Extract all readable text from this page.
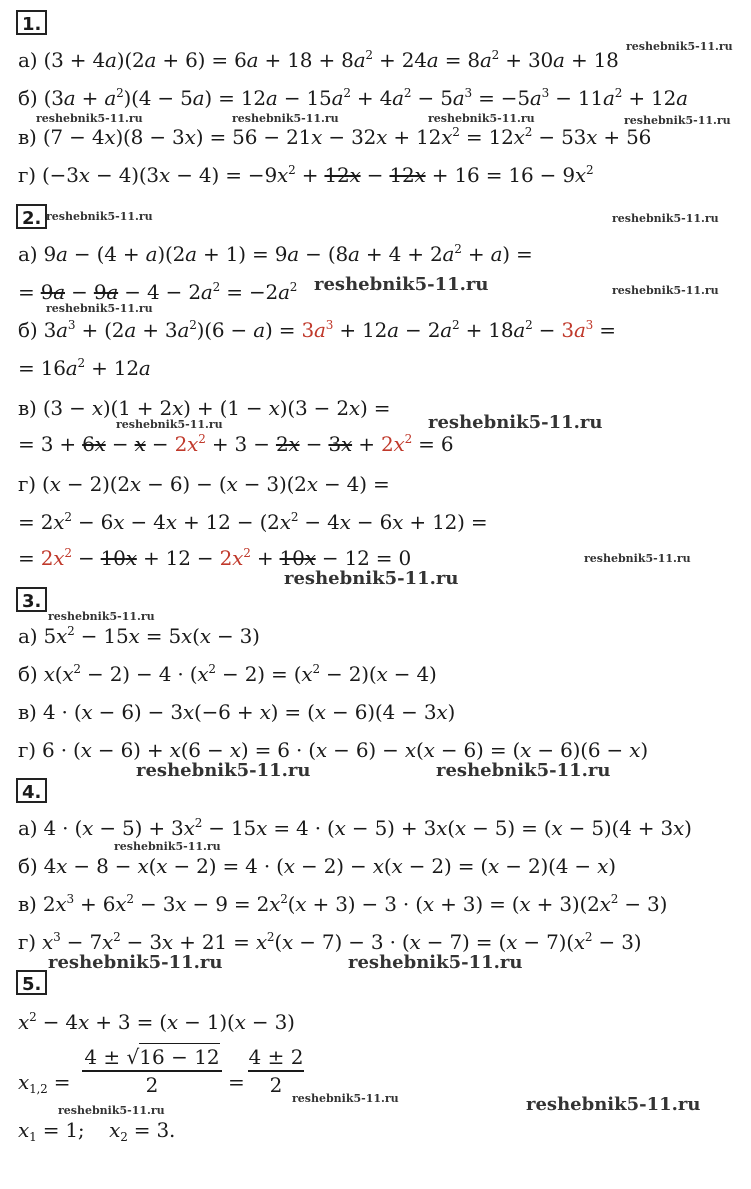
1.
reshebnik5-11.ru
а) $(3 + 4a)(2a + 6) = 6a + 18 + 8a^2 + 24a = 8a^2 + 30a + 18$
б) $(3a + a^2)(4 - 5a) = 12a - 15a^2 + 4a^2 - 5a^3 = -5a^3 - 11a^2 + 12a$
reshebnik5-11.ru	reshebnik5-11.ru	reshebnik5-11.ru	reshebnik5-11.ru
в) $(7 - 4x)(8 - 3x) = 56 - 21x - 32x + 12x^2 = 12x^2 - 53x + 56$
г) $(-3x - 4)(3x - 4) = -9x^2 + 12x - 12x + 16 = 16 - 9x^2$
2. reshebnik5-11.ru	reshebnik5-11.ru
а) $9a - (4 + a)(2a + 1) = 9a - (8a + 4 + 2a^2 + a)$ =
= $9a - 9a - 4 - 2a^2 = -2a^2$ reshebnik5-11.ru	reshebnik5-11.ru
reshebnik5-11.ru
б) $3a^3 + (2a + 3a^2)(6 - a) = 3a^3 + 12a - 2a^2 + 18a^2 - 3a^3$ =
= $16a^2 + 12a$
в) (3 − x)(1 + 2x) + (1 − x)(3 − 2x) =
reshebnik5-11.ru
reshebnik5-11.ru
= $3 + 6x - x - 2x^2 + 3 - 2x - 3x + 2x^2 = 6$
г) (x − 2)(2x − 6) − (x − 3)(2x − 4) =
= $2x^2 - 6x - 4x + 12 - (2x^2 - 4x - 6x + 12)$ =
= $2x^2 - 10x + 12 - 2x^2 + 10x - 12 = 0$	reshebnik5-11.ru
reshebnik5-11.ru
3.
reshebnik5-11.ru
а) $5x^2 - 15x = 5x(x - 3)$
б) $x(x^2 - 2) - 4 \cdot (x^2 - 2) = (x^2 - 2)(x - 4)$
в) 4 · (x − 6) − 3x(−6 + x) = (x − 6)(4 − 3x)
г) 6 · (x − 6) + x(6 − x) = 6 · (x − 6) − x(x − 6) = (x − 6)(6 − x)
reshebnik5-11.ru	reshebnik5-11.ru
4.
а) $4 \cdot (x - 5) + 3x^2 - 15x = 4 \cdot (x - 5) + 3x(x - 5) = (x - 5)(4 + 3x)$
reshebnik5-11.ru
б) 4x − 8 − x(x − 2) = 4 · (x − 2) − x(x − 2) = (x − 2)(4 − x)
в) $2x^3 + 6x^2 - 3x - 9 = 2x^2(x + 3) - 3 \cdot (x + 3) = (x + 3)(2x^2 - 3)$
г) $x^3 - 7x^2 - 3x + 21 = x^2(x - 7) - 3 \cdot (x - 7) = (x - 7)(x^2 - 3)$
reshebnik5-11.ru	reshebnik5-11.ru
5.
$x^2 - 4x + 3 = (x - 1)(x - 3)$
$x_{1,2}$ =
4 ± √16 − 12
2	=
4 ± 2
2
reshebnik5-11.ru	reshebnik5-11.ru
reshebnik5-11.ru
$x_1 = 1$;    $x_2 = 3$.
